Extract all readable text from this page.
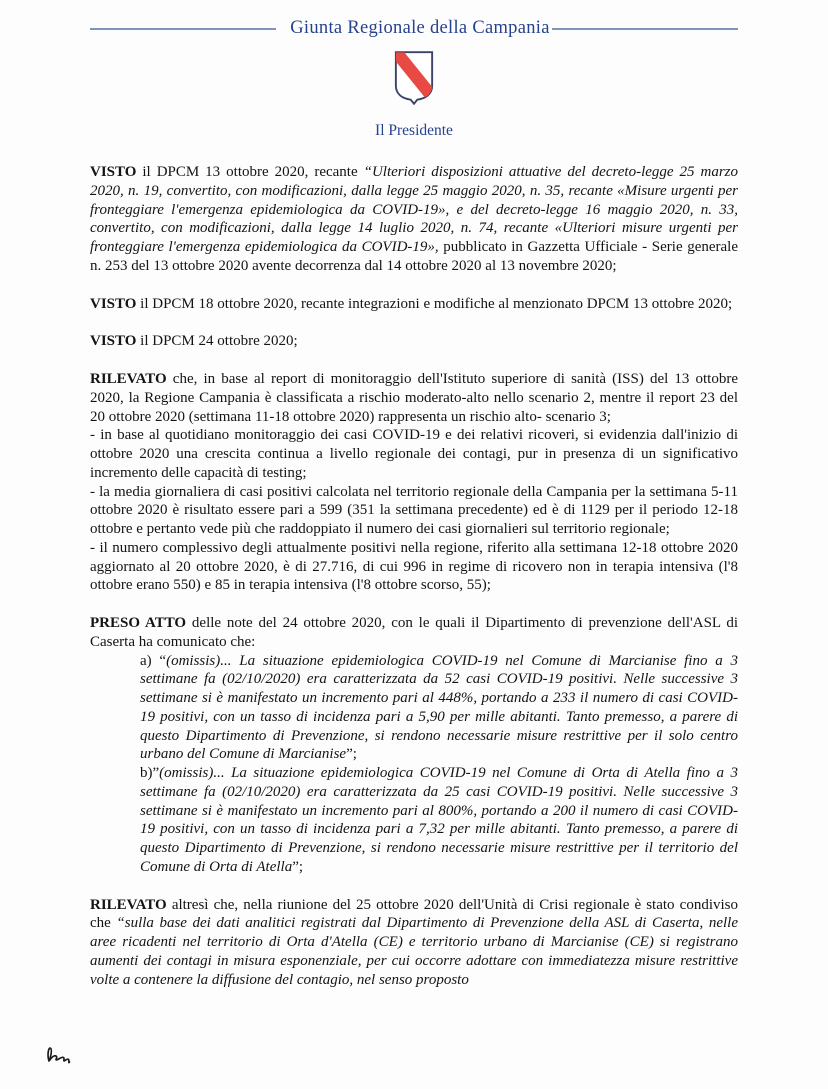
Giunta Regionale della Campania
Il Presidente

VISTO il DPCM 13 ottobre 2020, recante “Ulteriori disposizioni attuative del decreto-legge 25 marzo 2020, n. 19, convertito, con modificazioni, dalla legge 25 maggio 2020, n. 35, recante «Misure urgenti per fronteggiare l'emergenza epidemiologica da COVID-19», e del decreto-legge 16 maggio 2020, n. 33, convertito, con modificazioni, dalla legge 14 luglio 2020, n. 74, recante «Ulteriori misure urgenti per fronteggiare l'emergenza epidemiologica da COVID-19», pubblicato in Gazzetta Ufficiale - Serie generale n. 253 del 13 ottobre 2020 avente decorrenza dal 14 ottobre 2020 al 13 novembre 2020;

VISTO il DPCM 18 ottobre 2020, recante integrazioni e modifiche al menzionato DPCM 13 ottobre 2020;

VISTO il DPCM 24 ottobre 2020;

RILEVATO che, in base al report di monitoraggio dell'Istituto superiore di sanità (ISS) del 13 ottobre 2020, la Regione Campania è classificata a rischio moderato-alto nello scenario 2, mentre il report 23 del 20 ottobre 2020 (settimana 11-18 ottobre 2020) rappresenta un rischio alto- scenario 3;

- in base al quotidiano monitoraggio dei casi COVID-19 e dei relativi ricoveri, si evidenzia dall'inizio di ottobre 2020 una crescita continua a livello regionale dei contagi, pur in presenza di un significativo incremento delle capacità di testing;

- la media giornaliera di casi positivi calcolata nel territorio regionale della Campania per la settimana 5-11 ottobre 2020 è risultato essere pari a 599 (351 la settimana precedente) ed è di 1129 per il periodo 12-18 ottobre e pertanto vede più che raddoppiato il numero dei casi giornalieri sul territorio regionale;

- il numero complessivo degli attualmente positivi nella regione, riferito alla settimana 12-18 ottobre 2020 aggiornato al 20 ottobre 2020, è di 27.716, di cui 996 in regime di ricovero non in terapia intensiva (l'8 ottobre erano 550) e 85 in terapia intensiva (l'8 ottobre scorso, 55);

PRESO ATTO delle note del 24 ottobre 2020, con le quali il Dipartimento di prevenzione dell'ASL di Caserta ha comunicato che:

a) “(omissis)... La situazione epidemiologica COVID-19 nel Comune di Marcianise fino a 3 settimane fa (02/10/2020) era caratterizzata da 52 casi COVID-19 positivi. Nelle successive 3 settimane si è manifestato un incremento pari al 448%, portando a 233 il numero di casi COVID-19 positivi, con un tasso di incidenza pari a 5,90 per mille abitanti. Tanto premesso, a parere di questo Dipartimento di Prevenzione, si rendono necessarie misure restrittive per il solo centro urbano del Comune di Marcianise”;

b)”(omissis)... La situazione epidemiologica COVID-19 nel Comune di Orta di Atella fino a 3 settimane fa (02/10/2020) era caratterizzata da 25 casi COVID-19 positivi. Nelle successive 3 settimane si è manifestato un incremento pari al 800%, portando a 200 il numero di casi COVID-19 positivi, con un tasso di incidenza pari a 7,32 per mille abitanti. Tanto premesso, a parere di questo Dipartimento di Prevenzione, si rendono necessarie misure restrittive per il territorio del Comune di Orta di Atella”;

RILEVATO altresì che, nella riunione del 25 ottobre 2020 dell'Unità di Crisi regionale è stato condiviso che “sulla base dei dati analitici registrati dal Dipartimento di Prevenzione della ASL di Caserta, nelle aree ricadenti nel territorio di Orta d'Atella (CE) e territorio urbano di Marcianise (CE) si registrano aumenti dei contagi in misura esponenziale, per cui occorre adottare con immediatezza misure restrittive volte a contenere la diffusione del contagio, nel senso proposto
